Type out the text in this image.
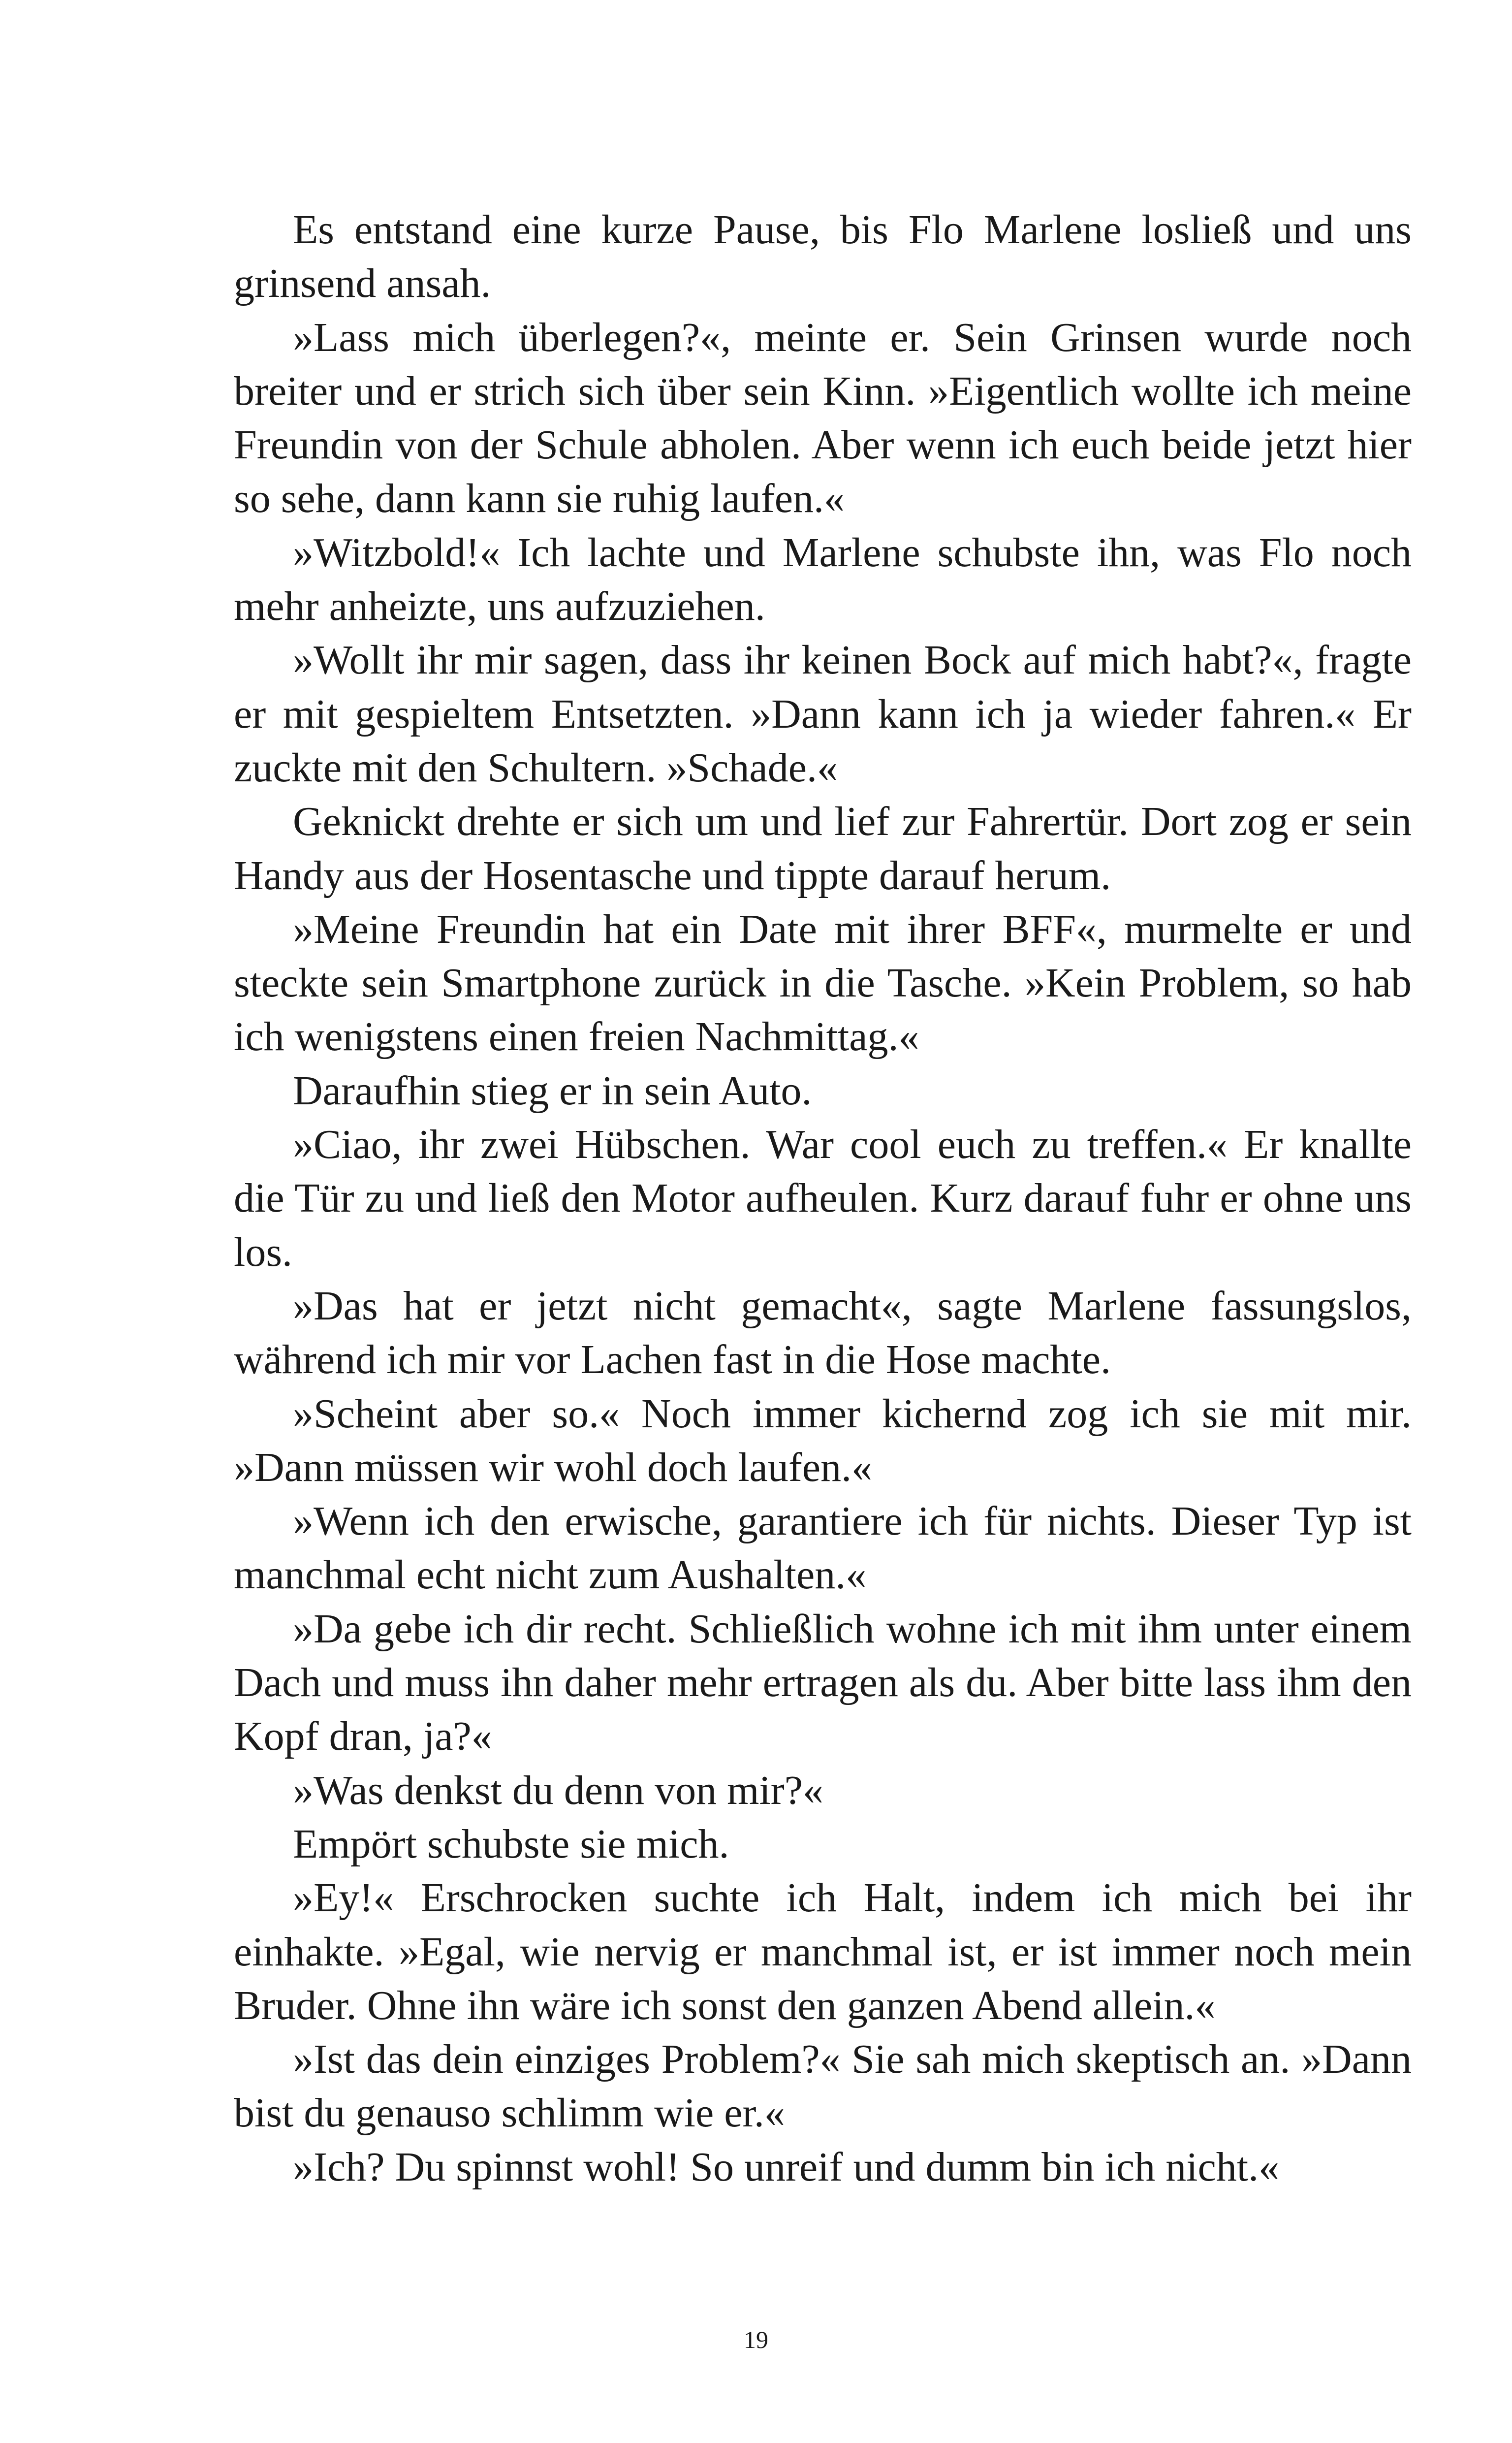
Es entstand eine kurze Pause, bis Flo Marlene losließ und uns grinsend ansah.

»Lass mich überlegen?«, meinte er. Sein Grinsen wurde noch breiter und er strich sich über sein Kinn. »Eigentlich wollte ich meine Freundin von der Schule abholen. Aber wenn ich euch beide jetzt hier so sehe, dann kann sie ruhig laufen.«

»Witzbold!« Ich lachte und Marlene schubste ihn, was Flo noch mehr anheizte, uns aufzuziehen.

»Wollt ihr mir sagen, dass ihr keinen Bock auf mich habt?«, fragte er mit gespieltem Entsetzten. »Dann kann ich ja wieder fahren.« Er zuckte mit den Schultern. »Schade.«

Geknickt drehte er sich um und lief zur Fahrertür. Dort zog er sein Handy aus der Hosentasche und tippte darauf herum.

»Meine Freundin hat ein Date mit ihrer BFF«, murmelte er und steckte sein Smartphone zurück in die Tasche. »Kein Problem, so hab ich wenigstens einen freien Nachmittag.«

Daraufhin stieg er in sein Auto.

»Ciao, ihr zwei Hübschen. War cool euch zu treffen.« Er knallte die Tür zu und ließ den Motor aufheulen. Kurz darauf fuhr er ohne uns los.

»Das hat er jetzt nicht gemacht«, sagte Marlene fassungslos, während ich mir vor Lachen fast in die Hose machte.

»Scheint aber so.« Noch immer kichernd zog ich sie mit mir. »Dann müssen wir wohl doch laufen.«

»Wenn ich den erwische, garantiere ich für nichts. Dieser Typ ist manchmal echt nicht zum Aushalten.«

»Da gebe ich dir recht. Schließlich wohne ich mit ihm unter einem Dach und muss ihn daher mehr ertragen als du. Aber bitte lass ihm den Kopf dran, ja?«

»Was denkst du denn von mir?«

Empört schubste sie mich.

»Ey!« Erschrocken suchte ich Halt, indem ich mich bei ihr einhakte. »Egal, wie nervig er manchmal ist, er ist immer noch mein Bruder. Ohne ihn wäre ich sonst den ganzen Abend allein.«

»Ist das dein einziges Problem?« Sie sah mich skeptisch an. »Dann bist du genauso schlimm wie er.«

»Ich? Du spinnst wohl! So unreif und dumm bin ich nicht.«

19
